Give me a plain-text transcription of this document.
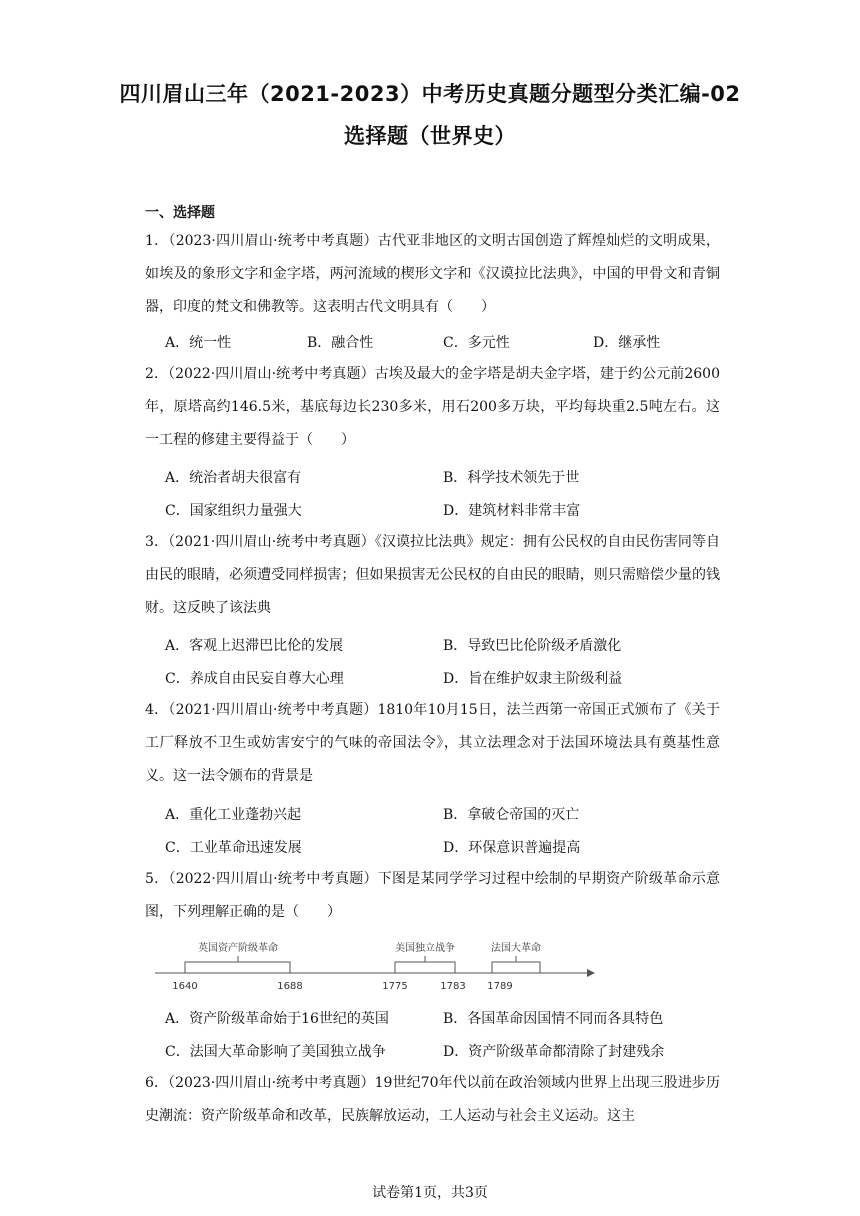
四川眉山三年（2021-2023）中考历史真题分题型分类汇编-02
选择题（世界史）
一、选择题
1．（2023·四川眉山·统考中考真题）古代亚非地区的文明古国创造了辉煌灿烂的文明成果，如埃及的象形文字和金字塔，两河流域的楔形文字和《汉谟拉比法典》，中国的甲骨文和青铜器，印度的梵文和佛教等。这表明古代文明具有（　　）
A．统一性	B．融合性	C．多元性	D．继承性
2．（2022·四川眉山·统考中考真题）古埃及最大的金字塔是胡夫金字塔，建于约公元前2600年，原塔高约146.5米，基底每边长230多米，用石200多万块，平均每块重2.5吨左右。这一工程的修建主要得益于（　　）
A．统治者胡夫很富有	B．科学技术领先于世
C．国家组织力量强大	D．建筑材料非常丰富
3．（2021·四川眉山·统考中考真题）《汉谟拉比法典》规定：拥有公民权的自由民伤害同等自由民的眼睛，必须遭受同样损害；但如果损害无公民权的自由民的眼睛，则只需赔偿少量的钱财。这反映了该法典
A．客观上迟滞巴比伦的发展	B．导致巴比伦阶级矛盾激化
C．养成自由民妄自尊大心理	D．旨在维护奴隶主阶级利益
4．（2021·四川眉山·统考中考真题）1810年10月15日，法兰西第一帝国正式颁布了《关于工厂释放不卫生或妨害安宁的气味的帝国法令》，其立法理念对于法国环境法具有奠基性意义。这一法令颁布的背景是
A．重化工业蓬勃兴起	B．拿破仑帝国的灭亡
C．工业革命迅速发展	D．环保意识普遍提高
5．（2022·四川眉山·统考中考真题）下图是某同学学习过程中绘制的早期资产阶级革命示意图，下列理解正确的是（　　）
英国资产阶级革命
1640	1688
美国独立战争
1775	1783
法国大革命
1789
A．资产阶级革命始于16世纪的英国	B．各国革命因国情不同而各具特色
C．法国大革命影响了美国独立战争	D．资产阶级革命都清除了封建残余
6．（2023·四川眉山·统考中考真题）19世纪70年代以前在政治领域内世界上出现三股进步历史潮流：资产阶级革命和改革，民族解放运动，工人运动与社会主义运动。这主
试卷第1页，共3页
